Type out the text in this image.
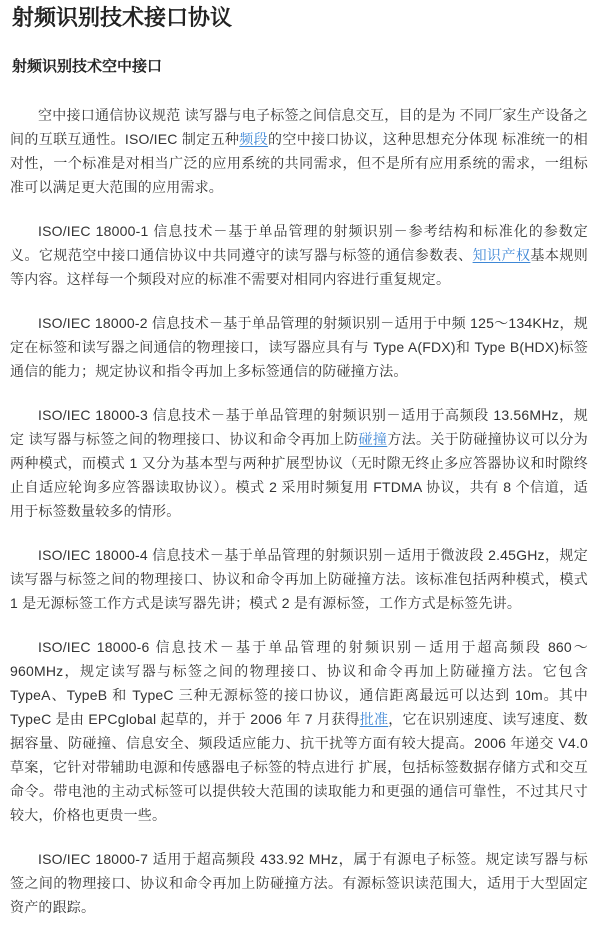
射频识别技术接口协议
射频识别技术空中接口

空中接口通信协议规范 读写器与电子标签之间信息交互，目的是为 不同厂家生产设备之间的互联互通性。ISO/IEC 制定五种频段的空中接口协议，这种思想充分体现 标准统一的相对性，一个标准是对相当广泛的应用系统的共同需求，但不是所有应用系统的需求，一组标准可以满足更大范围的应用需求。

ISO/IEC 18000-1 信息技术－基于单品管理的射频识别－参考结构和标准化的参数定义。它规范空中接口通信协议中共同遵守的读写器与标签的通信参数表、知识产权基本规则等内容。这样每一个频段对应的标准不需要对相同内容进行重复规定。

ISO/IEC 18000-2 信息技术－基于单品管理的射频识别－适用于中频 125～134KHz，规定在标签和读写器之间通信的物理接口，读写器应具有与 Type A(FDX)和 Type B(HDX)标签通信的能力；规定协议和指令再加上多标签通信的防碰撞方法。

ISO/IEC 18000-3 信息技术－基于单品管理的射频识别－适用于高频段 13.56MHz，规定 读写器与标签之间的物理接口、协议和命令再加上防碰撞方法。关于防碰撞协议可以分为两种模式，而模式 1 又分为基本型与两种扩展型协议（无时隙无终止多应答器协议和时隙终止自适应轮询多应答器读取协议）。模式 2 采用时频复用 FTDMA 协议，共有 8 个信道，适用于标签数量较多的情形。

ISO/IEC 18000-4 信息技术－基于单品管理的射频识别－适用于微波段 2.45GHz，规定读写器与标签之间的物理接口、协议和命令再加上防碰撞方法。该标准包括两种模式，模式 1 是无源标签工作方式是读写器先讲；模式 2 是有源标签，工作方式是标签先讲。

ISO/IEC 18000-6 信息技术－基于单品管理的射频识别－适用于超高频段 860～960MHz，规定读写器与标签之间的物理接口、协议和命令再加上防碰撞方法。它包含 TypeA、TypeB 和 TypeC 三种无源标签的接口协议，通信距离最远可以达到 10m。其中 TypeC 是由 EPCglobal 起草的，并于 2006 年 7 月获得批准，它在识别速度、读写速度、数据容量、防碰撞、信息安全、频段适应能力、抗干扰等方面有较大提高。2006 年递交 V4.0 草案，它针对带辅助电源和传感器电子标签的特点进行 扩展，包括标签数据存储方式和交互命令。带电池的主动式标签可以提供较大范围的读取能力和更强的通信可靠性，不过其尺寸较大，价格也更贵一些。

ISO/IEC 18000-7 适用于超高频段 433.92 MHz，属于有源电子标签。规定读写器与标签之间的物理接口、协议和命令再加上防碰撞方法。有源标签识读范围大，适用于大型固定资产的跟踪。
